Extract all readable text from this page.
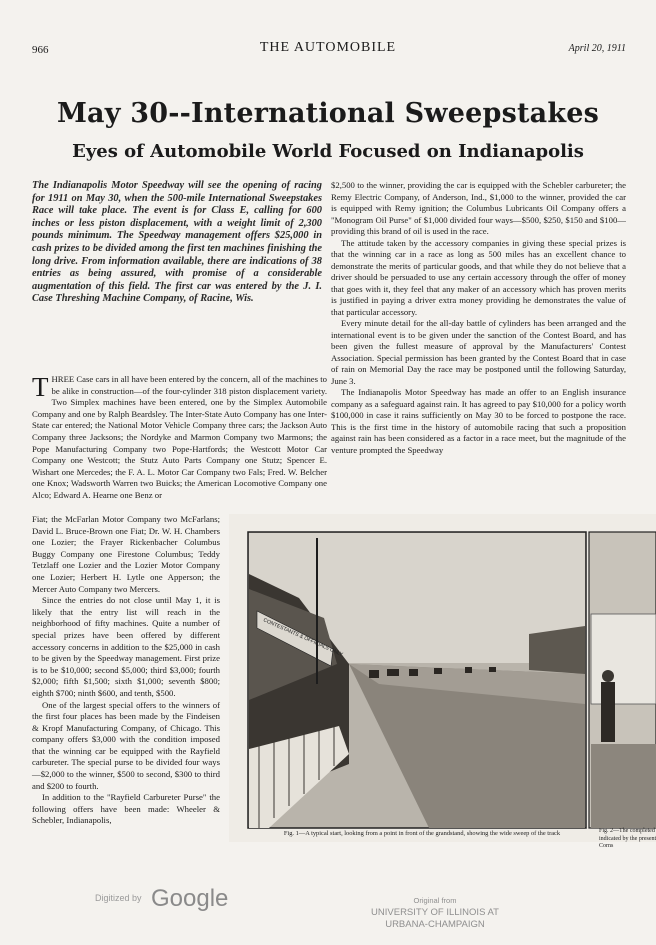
966	THE AUTOMOBILE	April 20, 1911
May 30--International Sweepstakes
Eyes of Automobile World Focused on Indianapolis
The Indianapolis Motor Speedway will see the opening of racing for 1911 on May 30, when the 500-mile International Sweepstakes Race will take place. The event is for Class E, calling for 600 inches or less piston displacement, with a weight limit of 2,300 pounds minimum. The Speedway management offers $25,000 in cash prizes to be divided among the first ten machines finishing the long drive. From information available, there are indications of 38 entries as being assured, with promise of a considerable augmentation of this field. The first car was entered by the J. I. Case Threshing Machine Company, of Racine, Wis.

$2,500 to the winner, providing the car is equipped with the Schebler carbureter; the Remy Electric Company, of Anderson, Ind., $1,000 to the winner, provided the car is equipped with Remy ignition; the Columbus Lubricants Oil Company offers a "Monogram Oil Purse" of $1,000 divided four ways—$500, $250, $150 and $100—providing this brand of oil is used in the race.

The attitude taken by the accessory companies in giving these special prizes is that the winning car in a race as long as 500 miles has an excellent chance to demonstrate the merits of particular goods, and that while they do not believe that a driver should be persuaded to use any certain accessory through the offer of money that goes with it, they feel that any maker of an accessory which has proven merits is justified in paying a driver extra money providing he demonstrates the value of that particular accessory.

Every minute detail for the all-day battle of cylinders has been arranged and the international event is to be given under the sanction of the Contest Board, and has been given the fullest measure of approval by the Manufacturers' Contest Association. Special permission has been granted by the Contest Board that in case of rain on Memorial Day the race may be postponed until the following Saturday, June 3.

The Indianapolis Motor Speedway has made an offer to an English insurance company as a safeguard against rain. It has agreed to pay $10,000 for a policy worth $100,000 in case it rains sufficiently on May 30 to be forced to postpone the race. This is the first time in the history of automobile racing that such a proposition against rain has been considered as a factor in a race meet, but the magnitude of the venture prompted the Speedway

T HREE Case cars in all have been entered by the concern, all of the machines to be alike in construction—of the four-cylinder 318 piston displacement variety. Two Simplex machines have been entered, one by the Simplex Automobile Company and one by Ralph Beardsley. The Inter-State Auto Company has one Inter-State car entered; the National Motor Vehicle Company three cars; the Jackson Auto Company three Jacksons; the Nordyke and Marmon Company two Marmons; the Pope Manufacturing Company two Pope-Hartfords; the Westcott Motor Car Company one Westcott; the Stutz Auto Parts Company one Stutz; Spencer E. Wishart one Mercedes; the F. A. L. Motor Car Company two Fals; Fred. W. Belcher one Knox; Wadsworth Warren two Buicks; the American Locomotive Company one Alco; Edward A. Hearne one Benz or

Fiat; the McFarlan Motor Company two McFarlans; David L. Bruce-Brown one Fiat; Dr. W. H. Chambers one Lozier; the Frayer Rickenbacher Columbus Buggy Company one Firestone Columbus; Teddy Tetzlaff one Lozier and the Lozier Motor Company one Lozier; Herbert H. Lytle one Apperson; the Mercer Auto Company two Mercers.

Since the entries do not close until May 1, it is likely that the entry list will reach in the neighborhood of fifty machines. Quite a number of special prizes have been offered by different accessory concerns in addition to the $25,000 in cash to be given by the Speedway management. First prize is to be $10,000; second $5,000; third $3,000; fourth $2,000; fifth $1,500; sixth $1,000; seventh $800; eighth $700; ninth $600, and tenth, $500.

One of the largest special offers to the winners of the first four places has been made by the Findeisen & Kropf Manufacturing Company, of Chicago. This company offers $3,000 with the condition imposed that the winning car be equipped with the Rayfield carbureter. The special purse to be divided four ways—$2,000 to the winner, $500 to second, $300 to third and $200 to fourth.

In addition to the "Rayfield Carbureter Purse" the following offers have been made: Wheeler & Schebler, Indianapolis,

CONTESTANTS & OFFICIALS ONLY
Fig. 1—A typical start, looking from a point in front of the grandstand, showing the wide sweep of the track	Fig. 2—The completed indicated by the present Corns
Digitized by Google	Original from
UNIVERSITY OF ILLINOIS AT
URBANA-CHAMPAIGN
